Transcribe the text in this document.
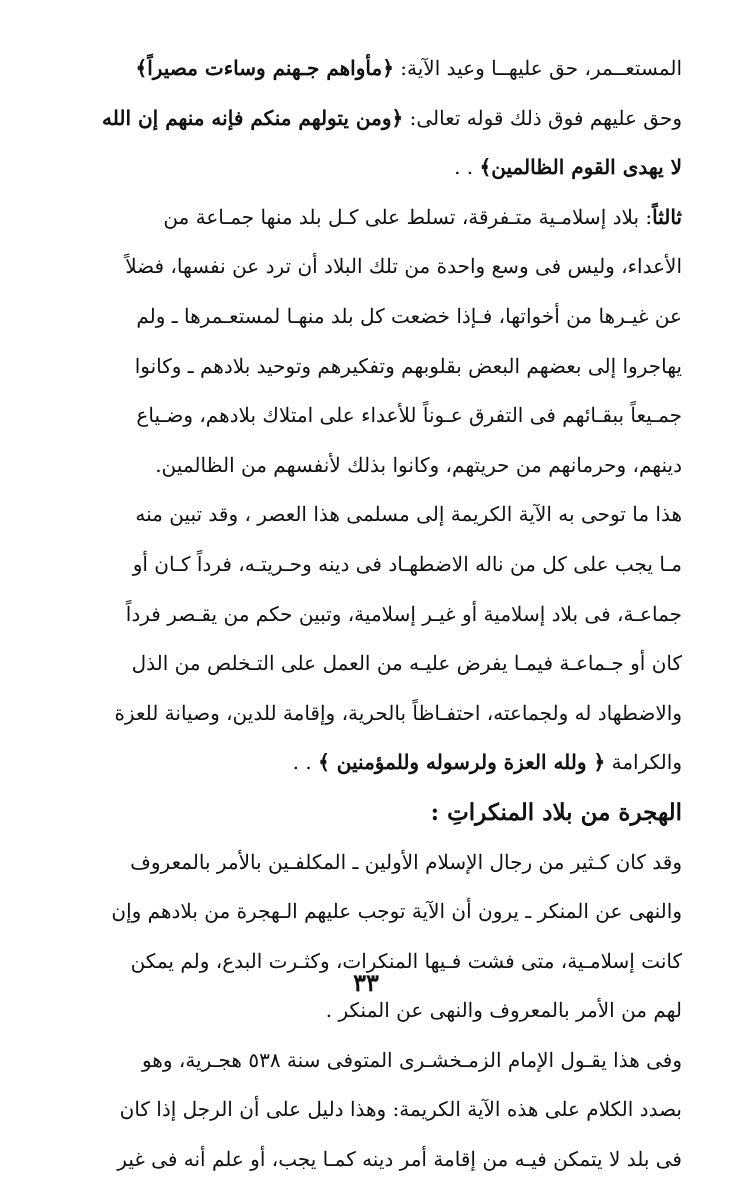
المستعــمر، حق عليهــا وعيد الآية: ﴿مأواهم جـهنم وساءت مصيراً﴾
وحق عليهم فوق ذلك قوله تعالى: ﴿ومن يتولهم منكم فإنه منهم إن الله
لا يهدى القوم الظالمين﴾ . .
ثالثاً: بلاد إسلامـية متـفرقة، تسلط على كـل بلد منها جمـاعة من
الأعداء، وليس فى وسع واحدة من تلك البلاد أن ترد عن نفسها، فضلاً
عن غيـرها من أخواتها، فـإذا خضعت كل بلد منهـا لمستعـمرها ـ ولم
يهاجروا إلى بعضهم البعض بقلوبهم وتفكيرهم وتوحيد بلادهم ـ وكانوا
جمـيعاً ببقـائهم فى التفرق عـوناً للأعداء على امتلاك بلادهم، وضـياع
دينهم، وحرمانهم من حريتهم، وكانوا بذلك لأنفسهم من الظالمين.
هذا ما توحى به الآية الكريمة إلى مسلمى هذا العصر ، وقد تبين منه
مـا يجب على كل من ناله الاضطهـاد فى دينه وحـريتـه، فرداً كـان أو
جماعـة، فى بلاد إسلامية أو غيـر إسلامية، وتبين حكم من يقـصر فرداً
كان أو جـماعـة فيمـا يفرض عليـه من العمل على التـخلص من الذل
والاضطهاد له ولجماعته، احتفـاظاً بالحرية، وإقامة للدين، وصيانة للعزة
والكرامة ﴿ ولله العزة ولرسوله وللمؤمنين ﴾ . .
الهجرة من بلاد المنكراتِ :
وقد كان كـثير من رجال الإسلام الأولين ـ المكلفـين بالأمر بالمعروف
والنهى عن المنكر ـ يرون أن الآية توجب عليهم الـهجرة من بلادهم وإن
كانت إسلامـية، متى فشت فـيها المنكرات، وكثـرت البدع، ولم يمكن
لهم من الأمر بالمعروف والنهى عن المنكر .
وفى هذا يقـول الإمام الزمـخشـرى المتوفى سنة ٥٣٨ هجـرية، وهو
بصدد الكلام على هذه الآية الكريمة: وهذا دليل على أن الرجل إذا كان
فى بلد لا يتمكن فيـه من إقامة أمر دينه كمـا يجب، أو علم أنه فى غير
٣٣
